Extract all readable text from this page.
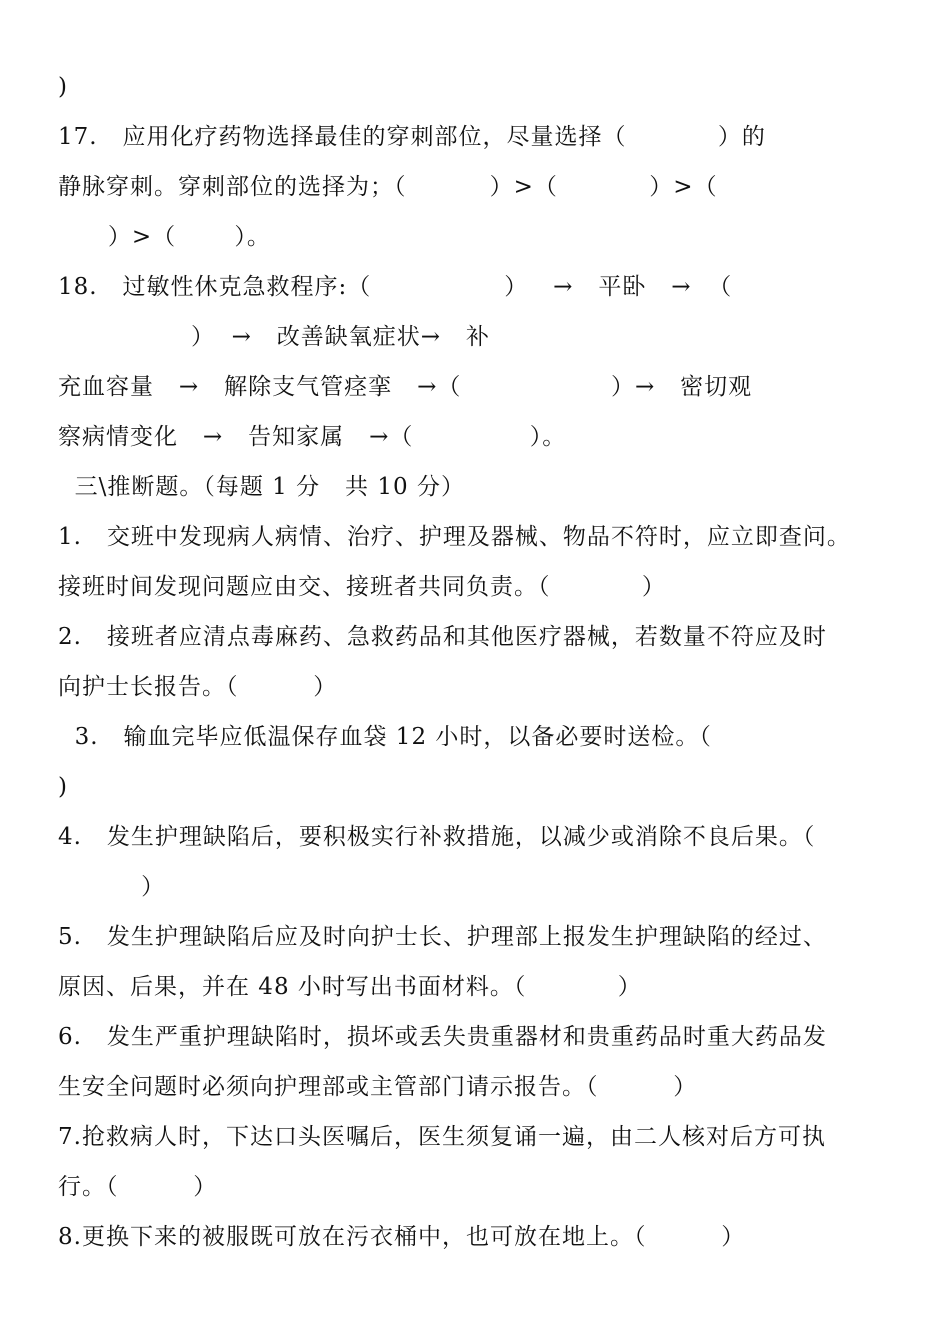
)
17.   应用化疗药物选择最佳的穿刺部位，尽量选择（           ）的
静脉穿刺。穿刺部位的选择为；（          ）>（           ）>（
）>（       ）。
18.   过敏性休克急救程序:（                ）   →   平卧   →  （
）  →   改善缺氧症状→   补
充血容量   →   解除支气管痉挛   →（                  ）→   密切观
察病情变化   →   告知家属   →（              ）。
三\推断题。（每题 1 分   共 10 分）
1.   交班中发现病人病情、治疗、护理及器械、物品不符时，应立即查问。
接班时间发现问题应由交、接班者共同负责。（           ）
2.   接班者应清点毒麻药、急救药品和其他医疗器械，若数量不符应及时
向护士长报告。（         ）
3.   输血完毕应低温保存血袋 12 小时，以备必要时送检。（
)
4.   发生护理缺陷后，要积极实行补救措施，以减少或消除不良后果。（
）
5.   发生护理缺陷后应及时向护士长、护理部上报发生护理缺陷的经过、
原因、后果，并在 48 小时写出书面材料。（           ）
6.   发生严重护理缺陷时，损坏或丢失贵重器材和贵重药品时重大药品发
生安全问题时必须向护理部或主管部门请示报告。（         ）
7.抢救病人时，下达口头医嘱后，医生须复诵一遍，由二人核对后方可执
行。（         ）
8.更换下来的被服既可放在污衣桶中，也可放在地上。（         ）
